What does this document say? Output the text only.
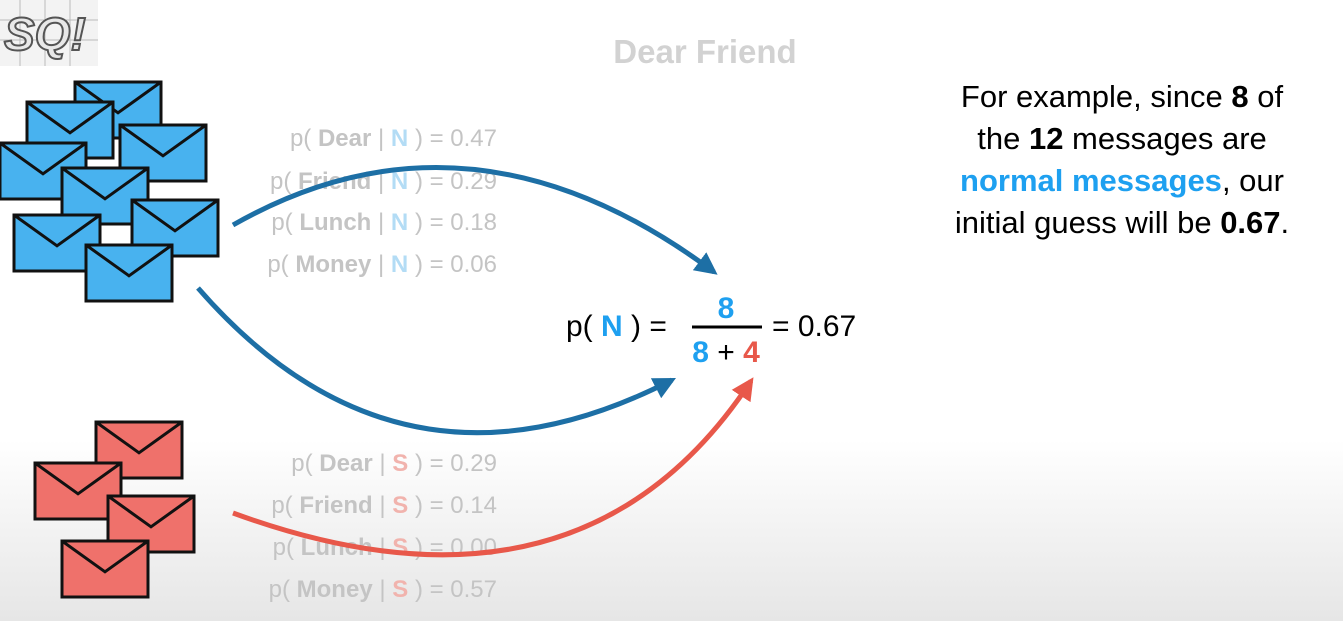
SQ!
p( Dear | N ) = 0.47
p( Friend | N ) = 0.29
p( Lunch | N ) = 0.18
p( Money | N ) = 0.06
p( Dear | S ) = 0.29
p( Friend | S ) = 0.14
p( Lunch | S ) = 0.00
p( Money | S ) = 0.57
p( N ) =
8
8 + 4
= 0.67
Dear Friend
For example, since 8 of
the 12 messages are
normal messages, our
initial guess will be 0.67.
